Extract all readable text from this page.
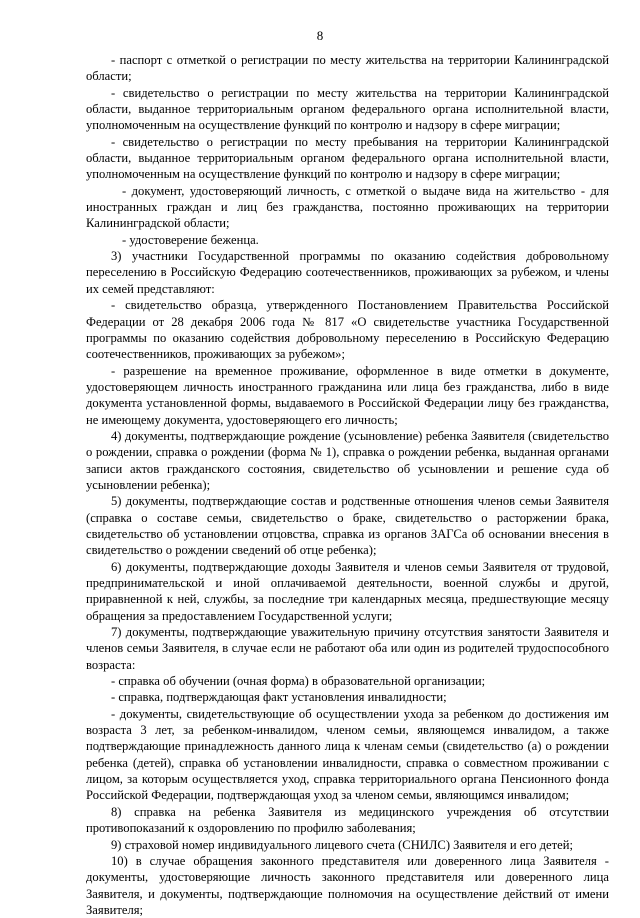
8

- паспорт с отметкой о регистрации по месту жительства на территории Калининградской области;

- свидетельство о регистрации по месту жительства на территории Калининградской области, выданное территориальным органом федерального органа исполнительной власти, уполномоченным на осуществление функций по контролю и надзору в сфере миграции;

- свидетельство о регистрации по месту пребывания на территории Калининградской области, выданное территориальным органом федерального органа исполнительной власти, уполномоченным на осуществление функций по контролю и надзору в сфере миграции;

- документ, удостоверяющий личность, с отметкой о выдаче вида на жительство - для иностранных граждан и лиц без гражданства, постоянно проживающих на территории Калининградской области;

- удостоверение беженца.

3) участники Государственной программы по оказанию содействия добровольному переселению в Российскую Федерацию соотечественников, проживающих за рубежом, и члены их семей представляют:

- свидетельство образца, утвержденного Постановлением Правительства Российской Федерации от 28 декабря 2006 года № 817 «О свидетельстве участника Государственной программы по оказанию содействия добровольному переселению в Российскую Федерацию соотечественников, проживающих за рубежом»;

- разрешение на временное проживание, оформленное в виде отметки в документе, удостоверяющем личность иностранного гражданина или лица без гражданства, либо в виде документа установленной формы, выдаваемого в Российской Федерации лицу без гражданства, не имеющему документа, удостоверяющего его личность;

4) документы, подтверждающие рождение (усыновление) ребенка Заявителя (свидетельство о рождении, справка о рождении (форма № 1), справка о рождении ребенка, выданная органами записи актов гражданского состояния, свидетельство об усыновлении и решение суда об усыновлении ребенка);

5) документы, подтверждающие состав и родственные отношения членов семьи Заявителя (справка о составе семьи, свидетельство о браке, свидетельство о расторжении брака, свидетельство об установлении отцовства, справка из органов ЗАГСа об основании внесения в свидетельство о рождении сведений об отце ребенка);

6) документы, подтверждающие доходы Заявителя и членов семьи Заявителя от трудовой, предпринимательской и иной оплачиваемой деятельности, военной службы и другой, приравненной к ней, службы, за последние три календарных месяца, предшествующие месяцу обращения за предоставлением Государственной услуги;

7) документы, подтверждающие уважительную причину отсутствия занятости Заявителя и членов семьи Заявителя, в случае если не работают оба или один из родителей трудоспособного возраста:

- справка об обучении (очная форма) в образовательной организации;

- справка, подтверждающая факт установления инвалидности;

- документы, свидетельствующие об осуществлении ухода за ребенком до достижения им возраста 3 лет, за ребенком-инвалидом, членом семьи, являющемся инвалидом, а также подтверждающие принадлежность данного лица к членам семьи (свидетельство (а) о рождении ребенка (детей), справка об установлении инвалидности, справка о совместном проживании с лицом, за которым осуществляется уход, справка территориального органа Пенсионного фонда Российской Федерации, подтверждающая уход за членом семьи, являющимся инвалидом;

8) справка на ребенка Заявителя из медицинского учреждения об отсутствии противопоказаний к оздоровлению по профилю заболевания;

9) страховой номер индивидуального лицевого счета (СНИЛС) Заявителя и его детей;

10) в случае обращения законного представителя или доверенного лица Заявителя - документы, удостоверяющие личность законного представителя или доверенного лица Заявителя, и документы, подтверждающие полномочия на осуществление действий от имени Заявителя;
